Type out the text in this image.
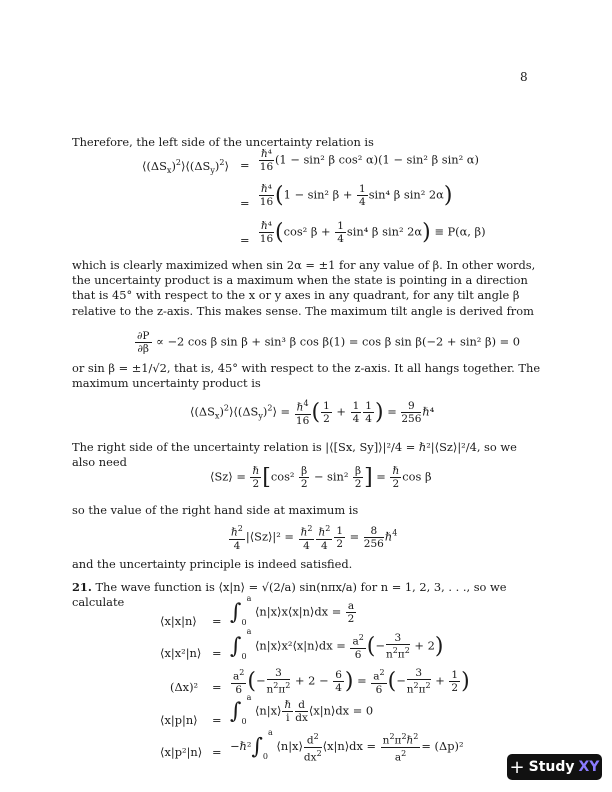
8
Therefore, the left side of the uncertainty relation is
$⟨(\Delta S_x)^2⟩⟨(\Delta S_y)^2⟩ = \frac{\text{ℏ⁴}}{16} (1 - \sin^2$ β cos² α)(1 − sin² β sin² α)
= $\frac{\text{ℏ⁴}}{16} (1 - \sin^2$ $\beta + \frac{1}{4} \sin^4$ β sin² 2α)
= $\frac{\text{ℏ⁴}}{16} (\cos^2$ $\beta + \frac{1}{4} \sin^4$ β sin² 2α) ≡ P(α, β)
which is clearly maximized when sin 2α = ±1 for any value of β. In other words, the uncertainty product is a maximum when the state is pointing in a direction that is 45° with respect to the x or y axes in any quadrant, for any tilt angle β relative to the z-axis. This makes sense. The maximum tilt angle is derived from
$\frac{\partial P}{\partial\beta} \propto -2$ cos β sin β + sin³ β cos β(1) = cos β sin β(−2 + sin² β) = 0
or sin β = ±1/√2, that is, 45° with respect to the z-axis. It all hangs together. The maximum uncertainty product is
$⟨(\Delta S_x)^2⟩⟨(\Delta S_y)^2⟩ = \frac{\hbar^4}{16}$ ( $\frac{1}{2} + \frac{1}{4} \frac{1}{4}$ ) = $\frac{9}{256}$ ℏ⁴
The right side of the uncertainty relation is |⟨[Sx, Sy]⟩|²/4 = ℏ²|⟨Sz⟩|²/4, so we also need
⟨Sz⟩ = $\frac{\text{ℏ}}{2} [\cos^2 \frac{\beta}{2} - \sin^2 \frac{\beta}{2}$ ] = $\frac{\text{ℏ}}{2}$ cos β
so the value of the right hand side at maximum is
$\frac{\hbar^2}{4}$ |⟨Sz⟩|² = $\frac{\hbar^2}{4} \frac{\hbar^2}{4} \frac{1}{2} = \frac{8}{256}$ ℏ$^4$
and the uncertainty principle is indeed satisfied.
21. The wave function is ⟨x|n⟩ = √(2/a) sin(nπx/a) for n = 1, 2, 3, . . ., so we calculate
⟨x|x|n⟩ = $\int_0^a$ ⟨n|x⟩x⟨x|n⟩dx = $\frac{a}{2}$
⟨x|x²|n⟩ = $\int_0^a$ ⟨n|x⟩x²⟨x|n⟩dx = $\frac{a^2}{6}$ (− $\frac{3}{n^2\pi^2} + 2$)
$(\Delta x)^2 = \frac{a^2}{6}$ (− $\frac{3}{n^2\pi^2} + 2 - \frac{6}{4}$ ) = $\frac{a^2}{6}$ (− $\frac{3}{n^2\pi^2} + \frac{1}{2}$ )
⟨x|p|n⟩ = $\int_0^a$ ⟨n|x⟩ $\frac{\text{ℏ}}{i} \frac{d}{dx}$ ⟨x|n⟩dx = 0
⟨x|p²|n⟩ = $-\hbar^2\int_0^a$ ⟨n|x⟩ $\frac{d^2}{dx^2}$ ⟨x|n⟩dx = $\frac{n^2\pi^2\hbar^2}{a^2} = (\Delta p)^2$
+ Study XY
